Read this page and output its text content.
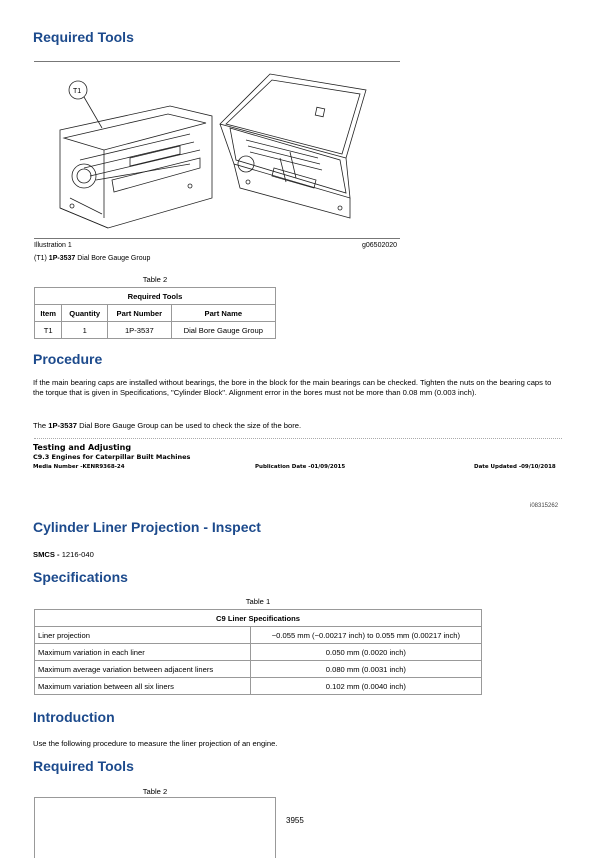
Required Tools
T1
Illustration 1	g06502020
(T1) 1P-3537 Dial Bore Gauge Group
Table 2
Required Tools			
Item	Quantity	Part Number	Part Name
T1	1	1P-3537	Dial Bore Gauge Group
Procedure
If the main bearing caps are installed without bearings, the bore in the block for the main bearings can be checked. Tighten the nuts on the bearing caps to the torque that is given in Specifications, "Cylinder Block". Alignment error in the bores must not be more than 0.08 mm (0.003 inch).
The 1P-3537 Dial Bore Gauge Group can be used to check the size of the bore.
Testing and Adjusting
C9.3 Engines for Caterpillar Built Machines
Media Number -KENR9368-24	Publication Date -01/09/2015	Date Updated -09/10/2018
i08315262
Cylinder Liner Projection - Inspect
SMCS - 1216-040
Specifications
Table 1
C9 Liner Specifications	
Liner projection	−0.055 mm (−0.00217 inch) to 0.055 mm (0.00217 inch)
Maximum variation in each liner	0.050 mm (0.0020 inch)
Maximum average variation between adjacent liners	0.080 mm (0.0031 inch)
Maximum variation between all six liners	0.102 mm (0.0040 inch)
Introduction
Use the following procedure to measure the liner projection of an engine.
Required Tools
Table 2
3955
